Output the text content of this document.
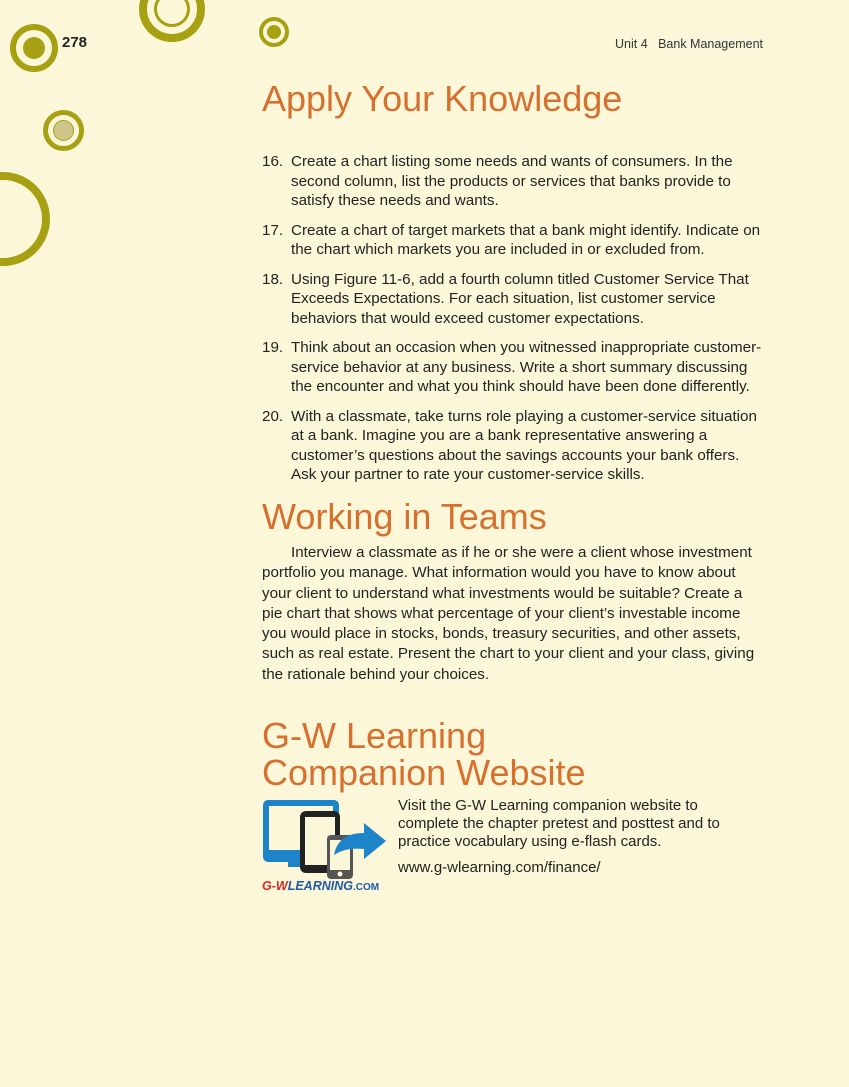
278	Unit 4   Bank Management
Apply Your Knowledge
16. Create a chart listing some needs and wants of consumers. In the second column, list the products or services that banks provide to satisfy these needs and wants.
17. Create a chart of target markets that a bank might identify. Indicate on the chart which markets you are included in or excluded from.
18. Using Figure 11-6, add a fourth column titled Customer Service That Exceeds Expectations. For each situation, list customer service behaviors that would exceed customer expectations.
19. Think about an occasion when you witnessed inappropriate customer-service behavior at any business. Write a short summary discussing the encounter and what you think should have been done differently.
20. With a classmate, take turns role playing a customer-service situation at a bank. Imagine you are a bank representative answering a customer’s questions about the savings accounts your bank offers. Ask your partner to rate your customer-service skills.
Working in Teams

Interview a classmate as if he or she were a client whose investment portfolio you manage. What information would you have to know about your client to understand what investments would be suitable? Create a pie chart that shows what percentage of your client’s investable income you would place in stocks, bonds, treasury securities, and other assets, such as real estate. Present the chart to your client and your class, giving the rationale behind your choices.

G-W Learning
Companion Website
G-WLEARNING.COM

Visit the G-W Learning companion website to complete the chapter pretest and posttest and to practice vocabulary using e-flash cards.

www.g-wlearning.com/finance/
